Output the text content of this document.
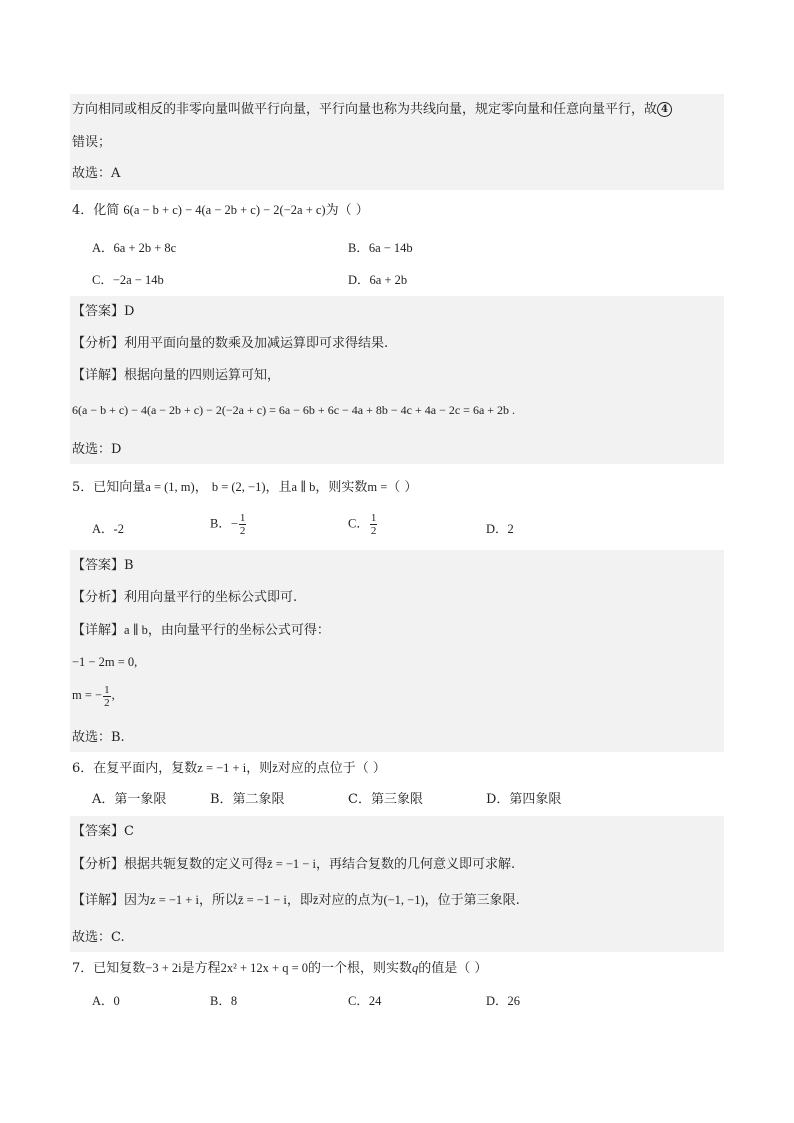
方向相同或相反的非零向量叫做平行向量，平行向量也称为共线向量，规定零向量和任意向量平行，故 4
错误；
故选：A
4．化简 6(a − b + c) − 4(a − 2b + c) − 2(−2a + c)为（ ）
A．6a + 2b + 8c	B．6a − 14b
C．−2a − 14b	D．6a + 2b
【答案】D
【分析】利用平面向量的数乘及加减运算即可求得结果.
【详解】根据向量的四则运算可知，
6(a − b + c) − 4(a − 2b + c) − 2(−2a + c) = 6a − 6b + 6c − 4a + 8b − 4c + 4a − 2c = 6a + 2b .
故选：D
5．已知向量a = (1, m)， b = (2, −1)，且a ∥ b，则实数m =（ ）
A．-2	B．− $\frac{1}{2}$	C． $\frac{1}{2}$	D．2
【答案】B
【分析】利用向量平行的坐标公式即可.
【详解】a ∥ b，由向量平行的坐标公式可得：
−1 − 2m = 0,
m = − $\frac{1}{2}$ ,
故选：B.
6．在复平面内，复数z = −1 + i，则z̄对应的点位于（ ）
A．第一象限	B．第二象限	C．第三象限	D．第四象限
【答案】C
【分析】根据共轭复数的定义可得z̄ = −1 − i，再结合复数的几何意义即可求解.
【详解】因为z = −1 + i，所以z̄ = −1 − i，即z̄对应的点为(−1, −1)，位于第三象限.
故选：C.
7．已知复数−3 + 2i是方程2x² + 12x + q = 0的一个根，则实数q的值是（ ）
A．0	B．8	C．24	D．26
